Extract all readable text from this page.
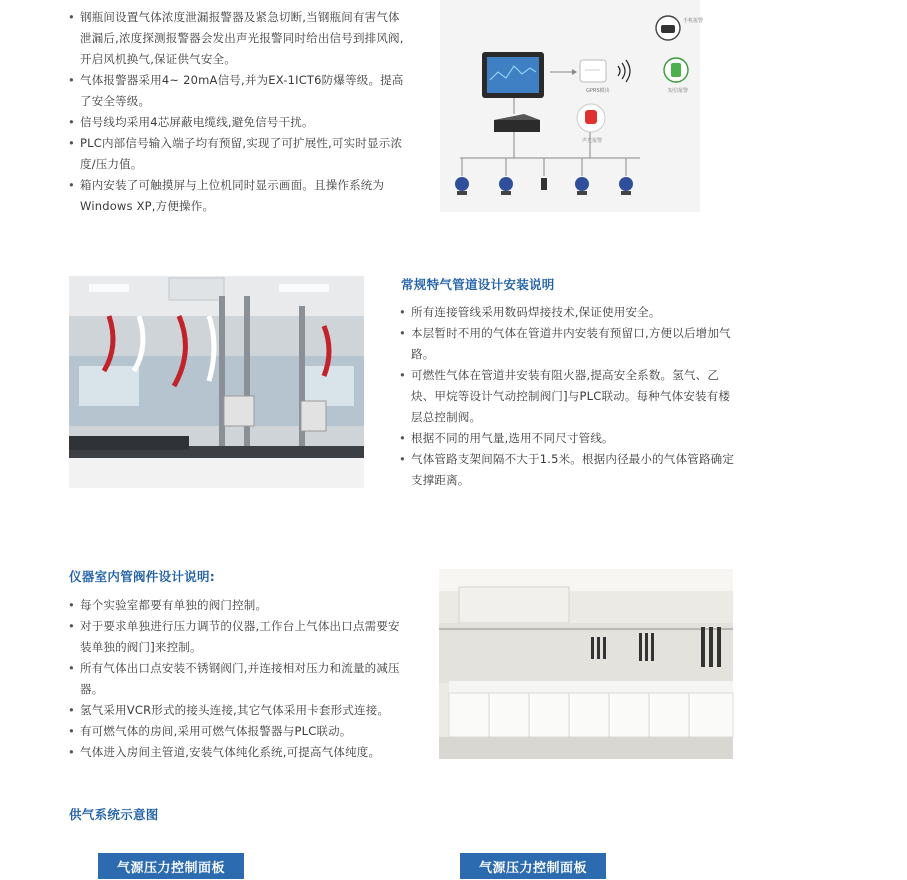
• 钢瓶间设置气体浓度泄漏报警器及紧急切断,当钢瓶间有害气体泄漏后,浓度探测报警器会发出声光报警同时给出信号到排风阀,开启风机换气,保证供气安全。
• 气体报警器采用4~ 20mA信号,并为EX-1ICT6防爆等级。提高了安全等级。
• 信号线均采用4芯屏蔽电缆线,避免信号干扰。
• PLC内部信号输入端子均有预留,实现了可扩展性,可实时显示浓度/压力值。
• 箱内安装了可触摸屏与上位机同时显示画面。且操作系统为Windows XP,方便操作。
GPRS模块
手机报警
短信报警
声光报警
常规特气管道设计安装说明
• 所有连接管线采用数码焊接技术,保证使用安全。
• 本层暂时不用的气体在管道井内安装有预留口,方便以后增加气路。
• 可燃性气体在管道井安装有阻火器,提高安全系数。氢气、乙炔、甲烷等设计气动控制阀门]与PLC联动。每种气体安装有楼层总控制阀。
• 根据不同的用气量,选用不同尺寸管线。
• 气体管路支架间隔不大于1.5米。根据内径最小的气体管路确定支撑距离。
仪器室内管阀件设计说明:
• 每个实验室都要有单独的阀门控制。
• 对于要求单独进行压力调节的仪器,工作台上气体出口点需要安装单独的阀门]来控制。
• 所有气体出口点安装不锈钢阀门,并连接相对压力和流量的减压器。
• 氢气采用VCR形式的接头连接,其它气体采用卡套形式连接。
• 有可燃气体的房间,采用可燃气体报警器与PLC联动。
• 气体进入房间主管道,安装气体纯化系统,可提高气体纯度。
供气系统示意图
气源压力控制面板	气源压力控制面板
